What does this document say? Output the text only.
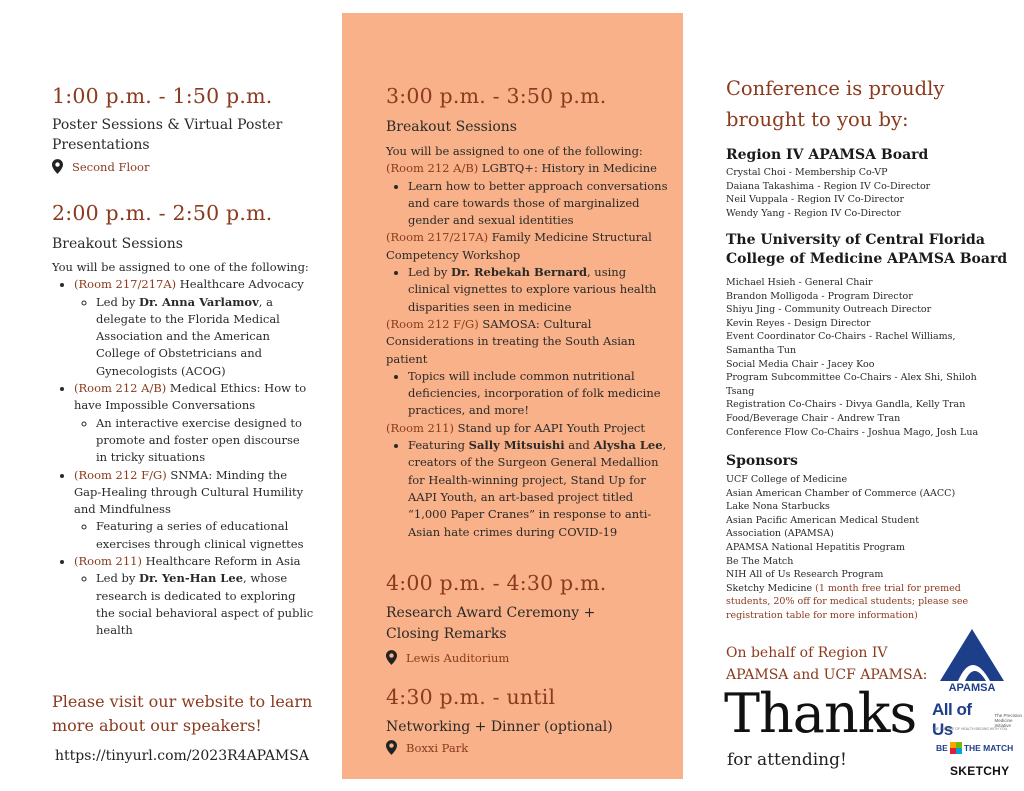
1:00 p.m. - 1:50 p.m.
Poster Sessions & Virtual Poster Presentations
Second Floor
2:00 p.m. - 2:50 p.m.
Breakout Sessions
You will be assigned to one of the following:
• (Room 217/217A) Healthcare Advocacy
◦ Led by Dr. Anna Varlamov, a delegate to the Florida Medical Association and the American College of Obstetricians and Gynecologists (ACOG)
• (Room 212 A/B) Medical Ethics: How to have Impossible Conversations
◦ An interactive exercise designed to promote and foster open discourse in tricky situations
• (Room 212 F/G) SNMA: Minding the Gap-Healing through Cultural Humility and Mindfulness
◦ Featuring a series of educational exercises through clinical vignettes
• (Room 211) Healthcare Reform in Asia
◦ Led by Dr. Yen-Han Lee, whose research is dedicated to exploring the social behavioral aspect of public health
Please visit our website to learn more about our speakers!
https://tinyurl.com/2023R4APAMSA
3:00 p.m. - 3:50 p.m.
Breakout Sessions
You will be assigned to one of the following:
(Room 212 A/B) LGBTQ+: History in Medicine
• Learn how to better approach conversations and care towards those of marginalized gender and sexual identities
(Room 217/217A) Family Medicine Structural Competency Workshop
• Led by Dr. Rebekah Bernard, using clinical vignettes to explore various health disparities seen in medicine
(Room 212 F/G) SAMOSA: Cultural Considerations in treating the South Asian patient
• Topics will include common nutritional deficiencies, incorporation of folk medicine practices, and more!
(Room 211) Stand up for AAPI Youth Project
• Featuring Sally Mitsuishi and Alysha Lee, creators of the Surgeon General Medallion for Health-winning project, Stand Up for AAPI Youth, an art-based project titled “1,000 Paper Cranes” in response to anti-Asian hate crimes during COVID-19
4:00 p.m. - 4:30 p.m.
Research Award Ceremony + Closing Remarks
Lewis Auditorium
4:30 p.m. - until
Networking + Dinner (optional)
Boxxi Park
Conference is proudly brought to you by:
Region IV APAMSA Board
Crystal Choi - Membership Co-VP
Daiana Takashima - Region IV Co-Director
Neil Vuppala - Region IV Co-Director
Wendy Yang - Region IV Co-Director
The University of Central Florida College of Medicine APAMSA Board
Michael Hsieh - General Chair
Brandon Molligoda - Program Director
Shiyu Jing - Community Outreach Director
Kevin Reyes - Design Director
Event Coordinator Co-Chairs - Rachel Williams, Samantha Tun
Social Media Chair - Jacey Koo
Program Subcommittee Co-Chairs - Alex Shi, Shiloh Tsang
Registration Co-Chairs - Divya Gandla, Kelly Tran
Food/Beverage Chair - Andrew Tran
Conference Flow Co-Chairs - Joshua Mago, Josh Lua
Sponsors
UCF College of Medicine
Asian American Chamber of Commerce (AACC)
Lake Nona Starbucks
Asian Pacific American Medical Student Association (APAMSA)
APAMSA National Hepatitis Program
Be The Match
NIH All of Us Research Program
Sketchy Medicine (1 month free trial for premed students, 20% off for medical students; please see registration table for more information)
On behalf of Region IV APAMSA and UCF APAMSA:
Thanks
for attending!
APAMSA
All of Us
The Precision Medicine Initiative
THE FUTURE OF HEALTH BEGINS WITH YOU
BE THE MATCH
SKETCHY
